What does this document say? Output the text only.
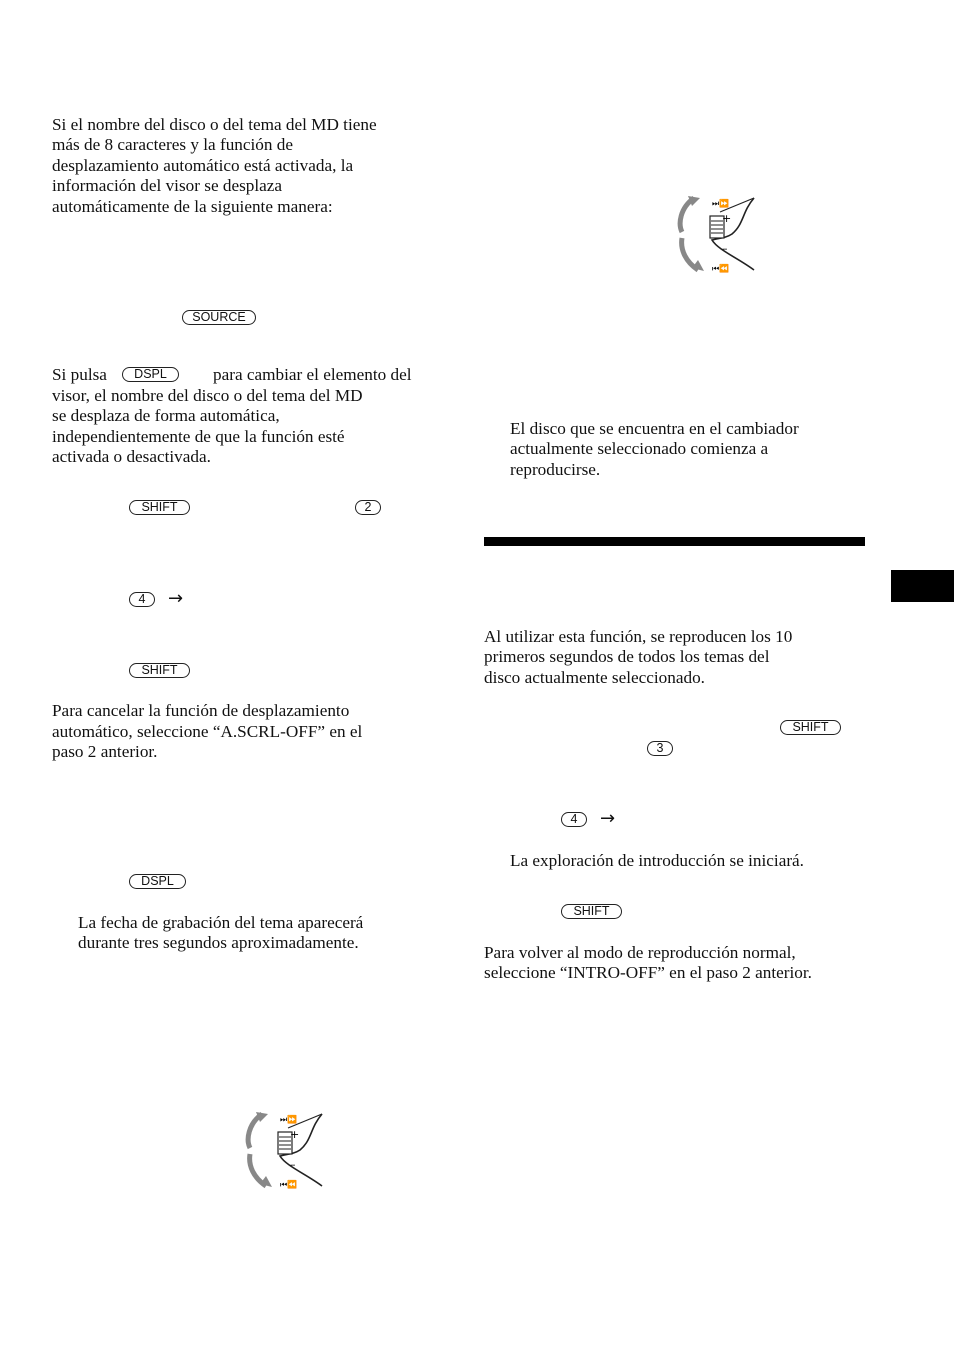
Si el nombre del disco o del tema del MD tiene

más de 8 caracteres y la función de

desplazamiento automático está activada, la

información del visor se desplaza

automáticamente de la siguiente manera:

SOURCE

Si pulsa	DSPL	para cambiar el elemento del

visor, el nombre del disco o del tema del MD

se desplaza de forma automática,

independientemente de que la función esté

activada o desactivada.

SHIFT	2
4	→
SHIFT

Para cancelar la función de desplazamiento

automático, seleccione “A.SCRL-OFF” en el

paso 2 anterior.

DSPL

La fecha de grabación del tema aparecerá

durante tres segundos aproximadamente.

+
–
⏭⏩
⏮⏪
+
–
⏭⏩
⏮⏪

El disco que se encuentra en el cambiador

actualmente seleccionado comienza a

reproducirse.

Al utilizar esta función, se reproducen los 10

primeros segundos de todos los temas del

disco actualmente seleccionado.

SHIFT
3
4	→

La exploración de introducción se iniciará.

SHIFT

Para volver al modo de reproducción normal,

seleccione “INTRO-OFF” en el paso 2 anterior.
